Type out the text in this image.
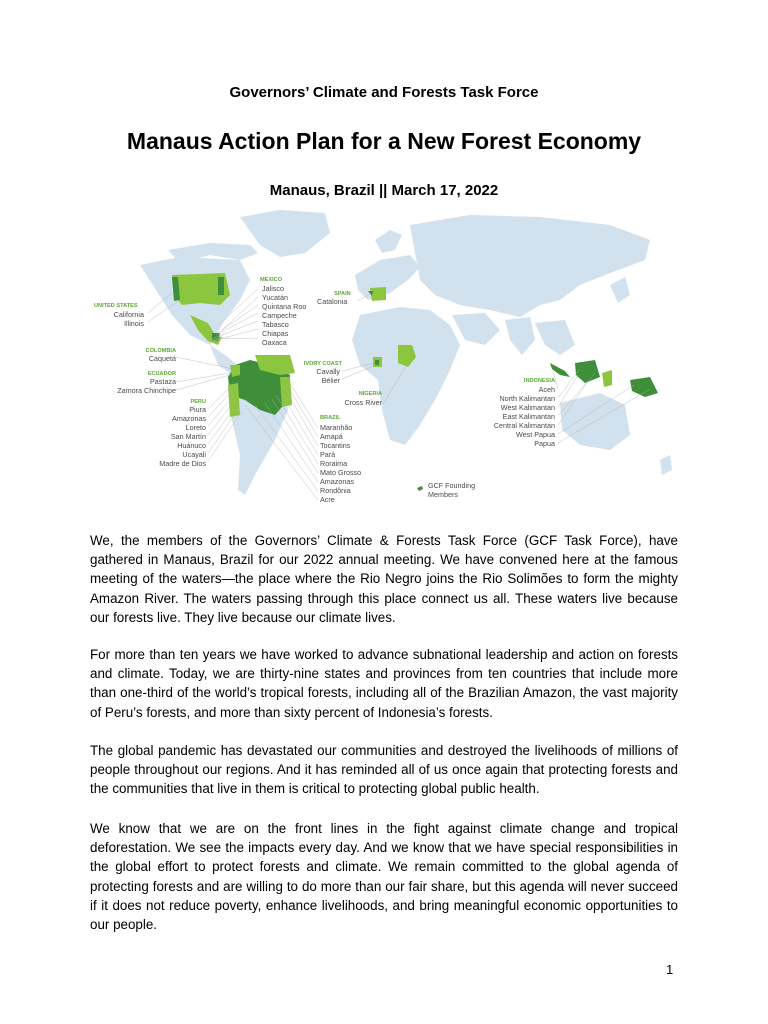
Governors’ Climate and Forests Task Force
Manaus Action Plan for a New Forest Economy
Manaus, Brazil || March 17, 2022
UNITED STATES
California
Illinois
MEXICO
Jalisco
Yucatán
Quintana Roo
Campeche
Tabasco
Chiapas
Oaxaca
COLOMBIA
Caquetá
ECUADOR
Pastaza
Zamora Chinchipe
PERU
Piura
Amazonas
Loreto
San Martín
Huánuco
Ucayali
Madre de Dios
BRAZIL
Maranhão
Amapá
Tocantins
Pará
Roraima
Mato Grosso
Amazonas
Rondônia
Acre
SPAIN
Catalonia
IVORY COAST
Cavally
Bélier
NIGERIA
Cross River
INDONESIA
Aceh
North Kalimantan
West Kalimantan
East Kalimantan
Central Kalimantan
West Papua
Papua
GCF Founding Members

We, the members of the Governors’ Climate & Forests Task Force (GCF Task Force), have gathered in Manaus, Brazil for our 2022 annual meeting. We have convened here at the famous meeting of the waters—the place where the Rio Negro joins the Rio Solimões to form the mighty Amazon River. The waters passing through this place connect us all. These waters live because our forests live. They live because our climate lives.

For more than ten years we have worked to advance subnational leadership and action on forests and climate. Today, we are thirty-nine states and provinces from ten countries that include more than one-third of the world’s tropical forests, including all of the Brazilian Amazon, the vast majority of Peru’s forests, and more than sixty percent of Indonesia’s forests.

The global pandemic has devastated our communities and destroyed the livelihoods of millions of people throughout our regions. And it has reminded all of us once again that protecting forests and the communities that live in them is critical to protecting global public health.

We know that we are on the front lines in the fight against climate change and tropical deforestation. We see the impacts every day. And we know that we have special responsibilities in the global effort to protect forests and climate. We remain committed to the global agenda of protecting forests and are willing to do more than our fair share, but this agenda will never succeed if it does not reduce poverty, enhance livelihoods, and bring meaningful economic opportunities to our people.

1
